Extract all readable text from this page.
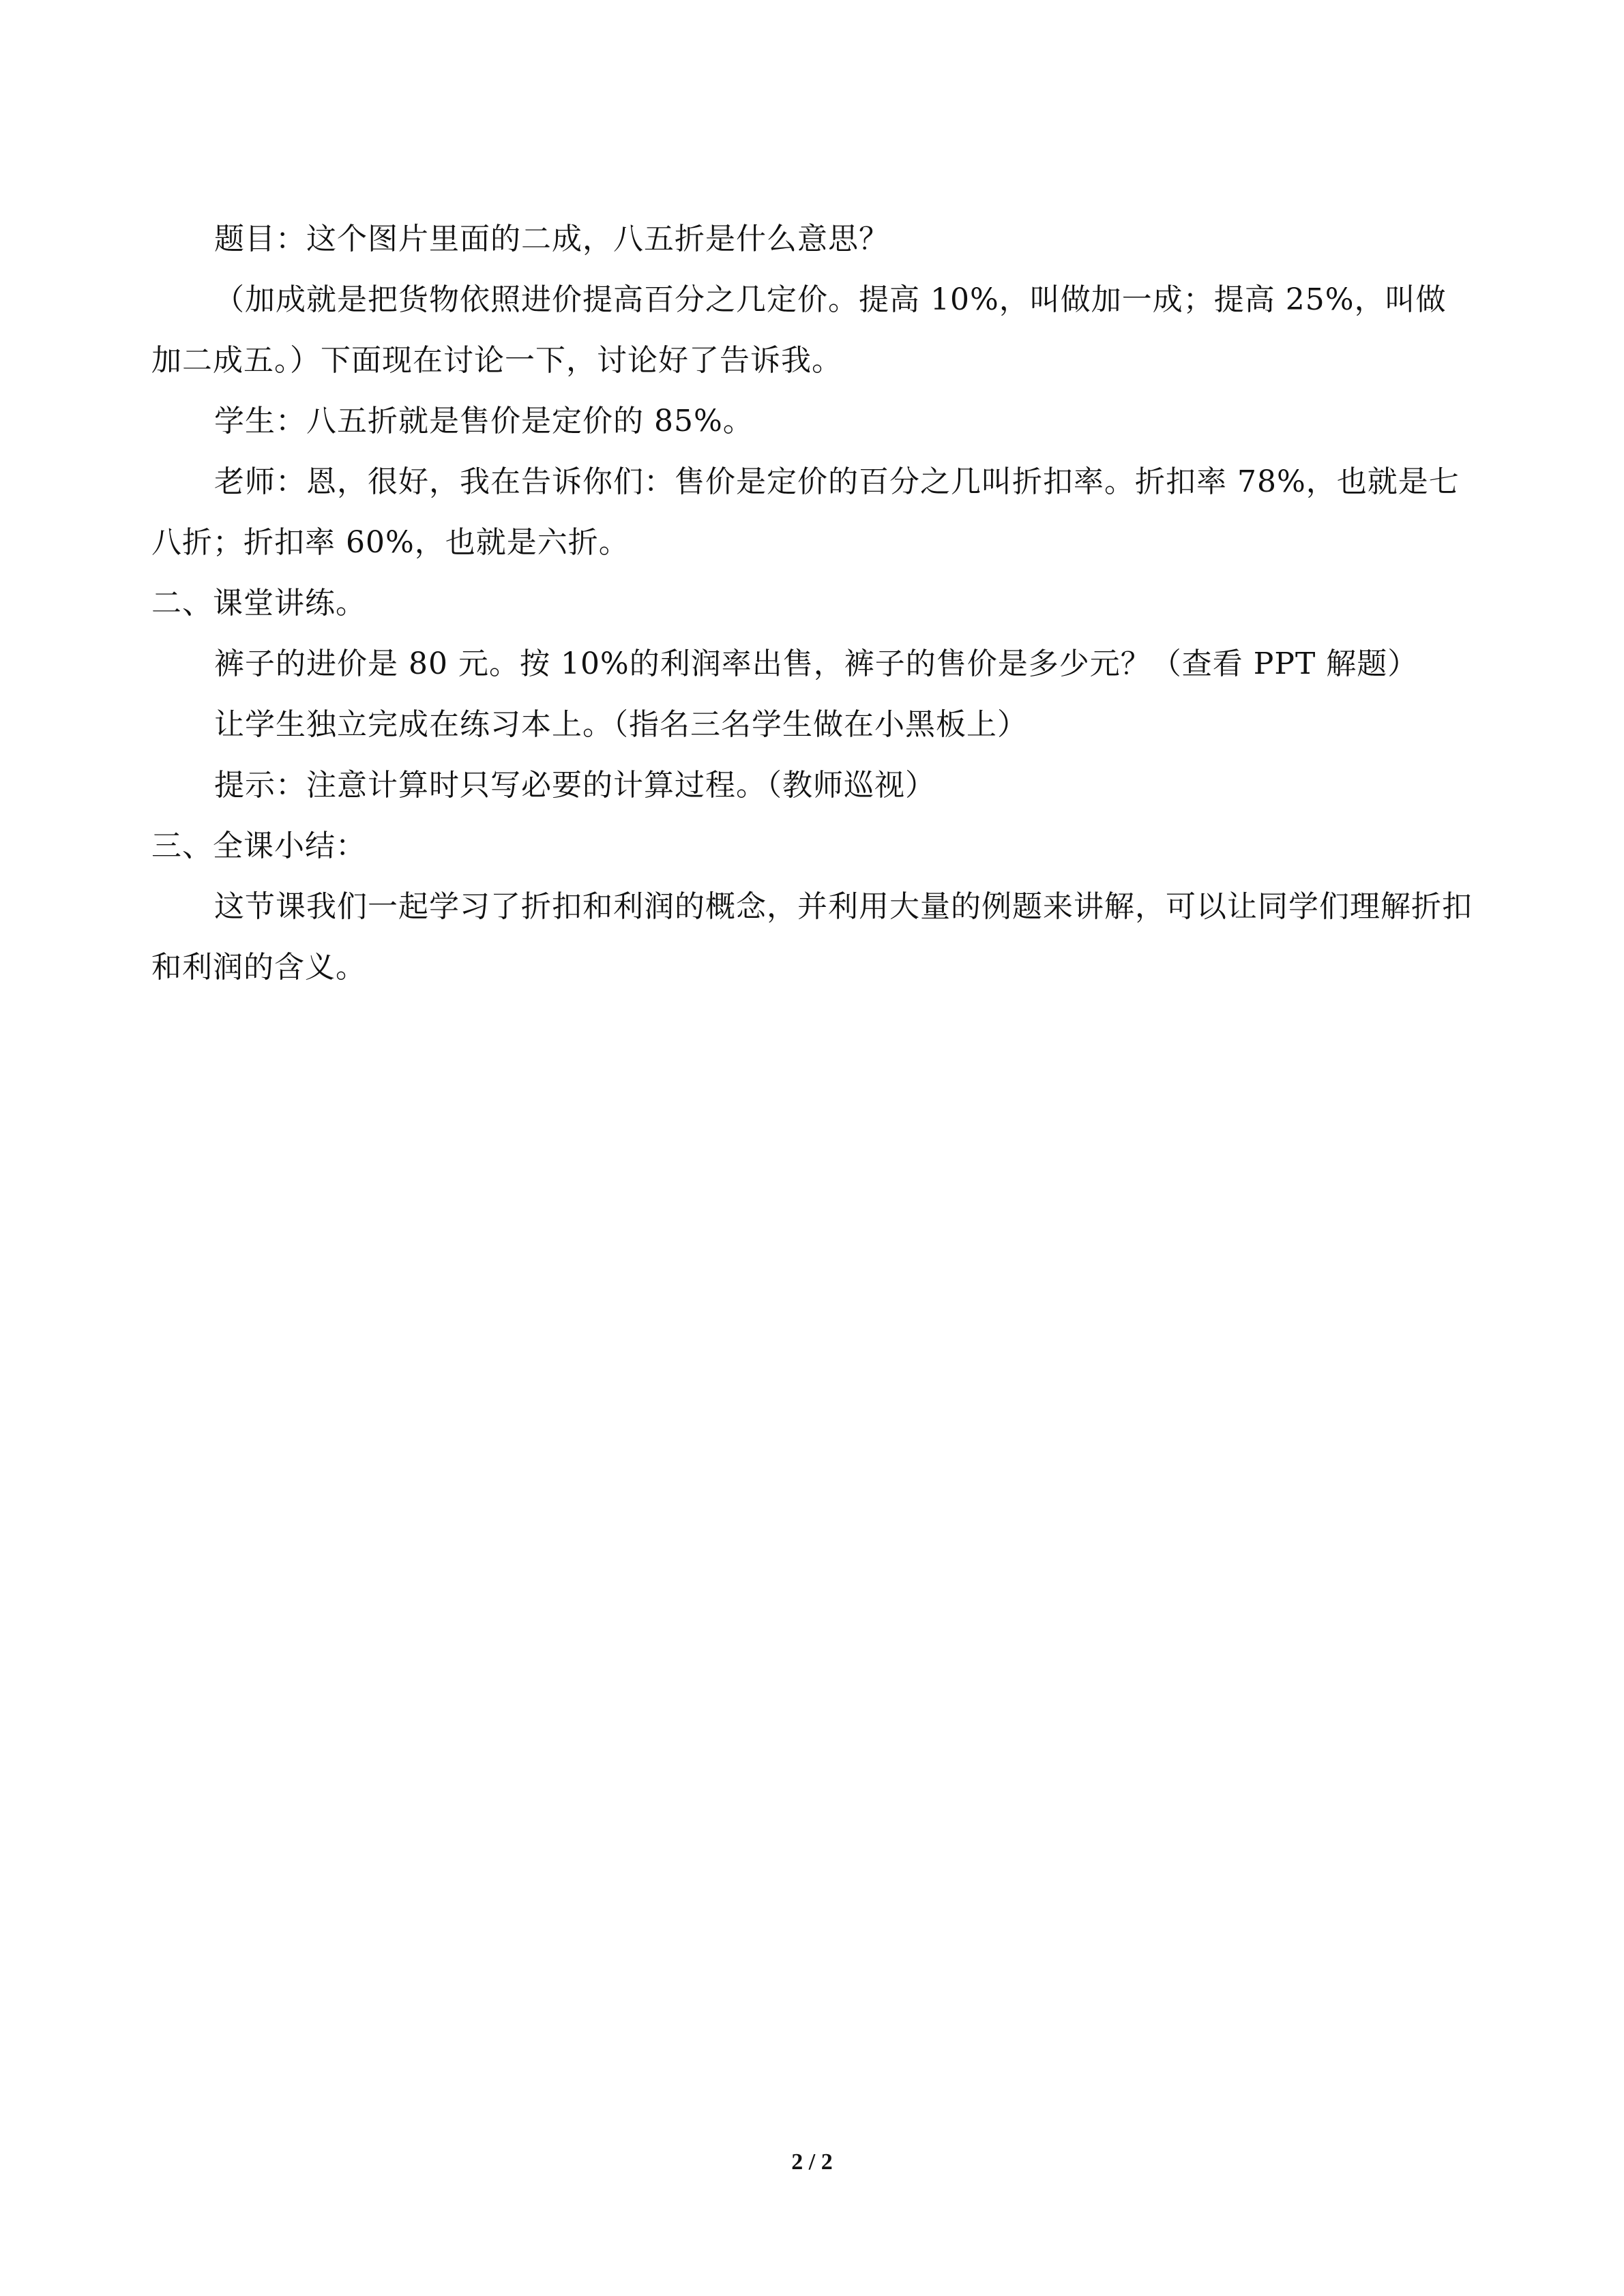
题目：这个图片里面的二成，八五折是什么意思？

（加成就是把货物依照进价提高百分之几定价。提高 10%，叫做加一成；提高 25%，叫做加二成五。）下面现在讨论一下，讨论好了告诉我。

学生：八五折就是售价是定价的 85%。

老师：恩，很好，我在告诉你们：售价是定价的百分之几叫折扣率。折扣率 78%，也就是七八折；折扣率 60%，也就是六折。

二、课堂讲练。

裤子的进价是 80 元。按 10%的利润率出售，裤子的售价是多少元？（查看 PPT 解题）

让学生独立完成在练习本上。（指名三名学生做在小黑板上）

提示：注意计算时只写必要的计算过程。（教师巡视）

三、全课小结：

这节课我们一起学习了折扣和利润的概念，并利用大量的例题来讲解，可以让同学们理解折扣和利润的含义。

2 / 2
